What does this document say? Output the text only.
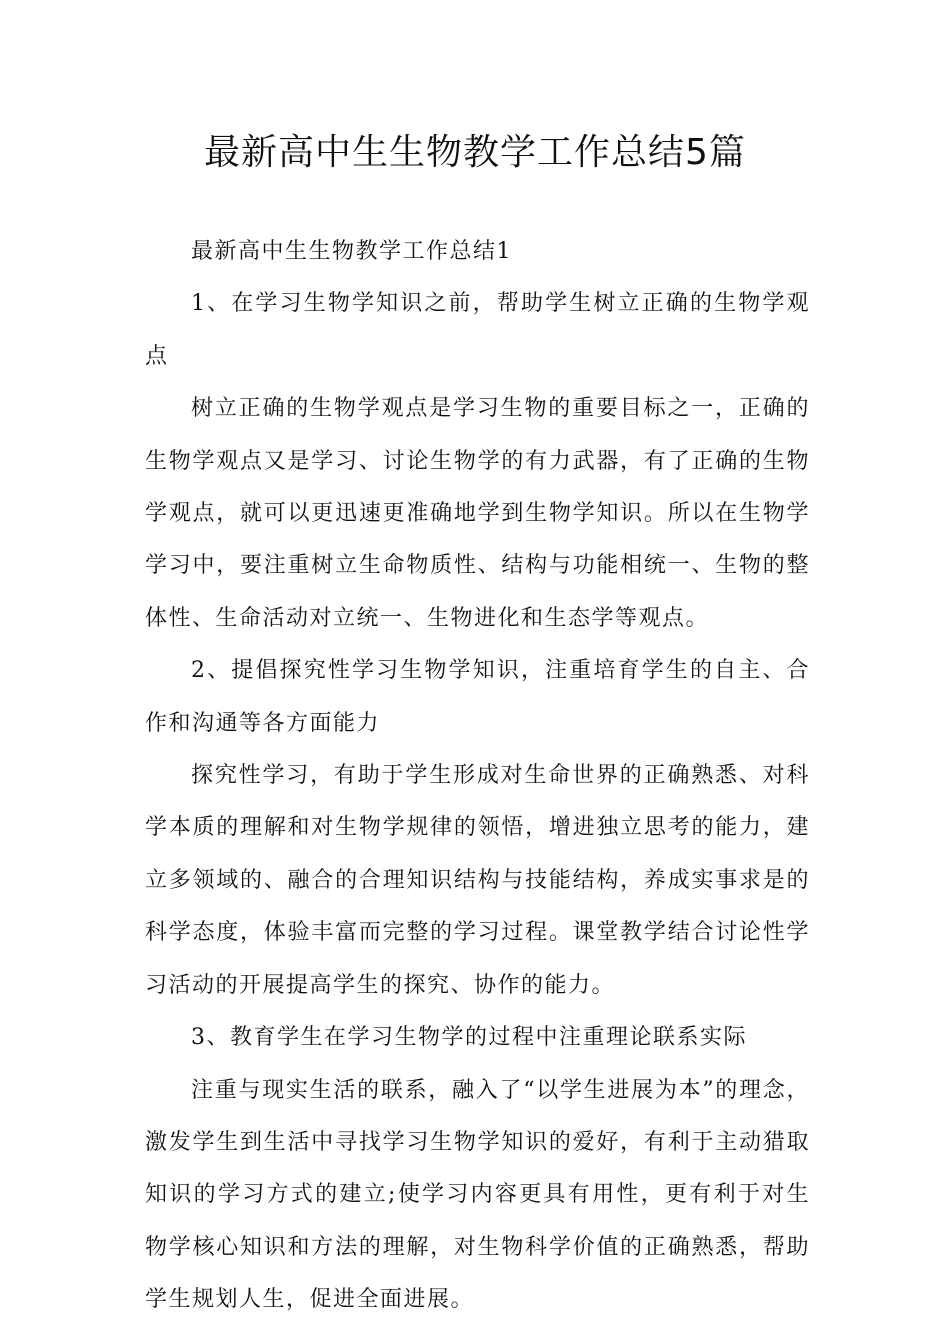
最新高中生生物教学工作总结5篇

最新高中生生物教学工作总结1

1、在学习生物学知识之前，帮助学生树立正确的生物学观点

树立正确的生物学观点是学习生物的重要目标之一，正确的生物学观点又是学习、讨论生物学的有力武器，有了正确的生物学观点，就可以更迅速更准确地学到生物学知识。所以在生物学学习中，要注重树立生命物质性、结构与功能相统一、生物的整体性、生命活动对立统一、生物进化和生态学等观点。

2、提倡探究性学习生物学知识，注重培育学生的自主、合作和沟通等各方面能力

探究性学习，有助于学生形成对生命世界的正确熟悉、对科学本质的理解和对生物学规律的领悟，增进独立思考的能力，建立多领域的、融合的合理知识结构与技能结构，养成实事求是的科学态度，体验丰富而完整的学习过程。课堂教学结合讨论性学习活动的开展提高学生的探究、协作的能力。

3、教育学生在学习生物学的过程中注重理论联系实际

注重与现实生活的联系，融入了“以学生进展为本”的理念，激发学生到生活中寻找学习生物学知识的爱好，有利于主动猎取知识的学习方式的建立;使学习内容更具有用性，更有利于对生物学核心知识和方法的理解，对生物科学价值的正确熟悉，帮助学生规划人生，促进全面进展。
